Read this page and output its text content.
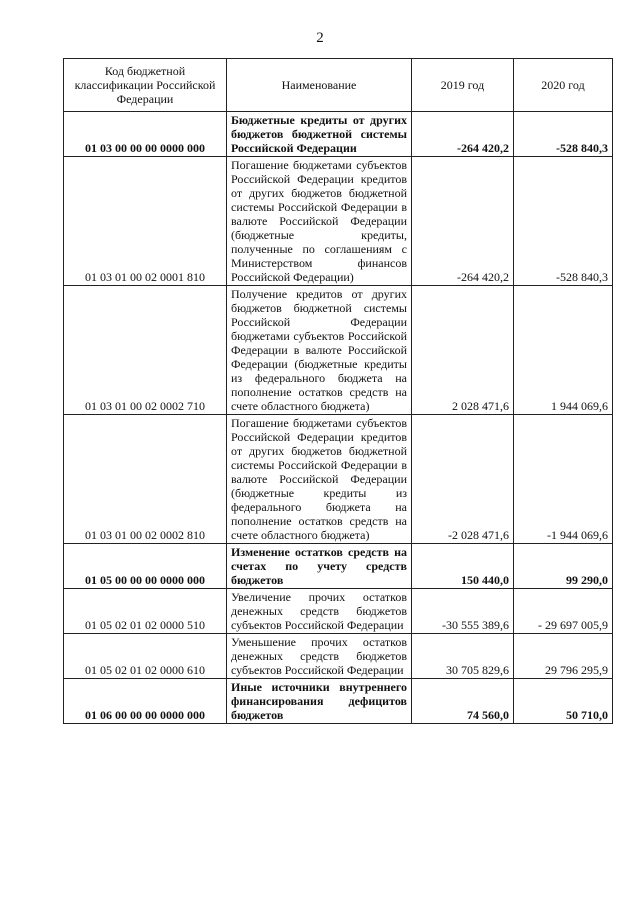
2
Код бюджетной классификации Российской Федерации	Наименование	2019 год	2020 год
01 03 00 00 00 0000 000	Бюджетные кредиты от других бюджетов бюджетной системы Российской Федерации	-264 420,2	-528 840,3
01 03 01 00 02 0001 810	Погашение бюджетами субъектов Российской Федерации кредитов от других бюджетов бюджетной системы Российской Федерации в валюте Российской Федерации (бюджетные кредиты, полученные по соглашениям с Министерством финансов Российской Федерации)	-264 420,2	-528 840,3
01 03 01 00 02 0002 710	Получение кредитов от других бюджетов бюджетной системы Российской Федерации бюджетами субъектов Российской Федерации в валюте Российской Федерации (бюджетные кредиты из федерального бюджета на пополнение остатков средств на счете областного бюджета)	2 028 471,6	1 944 069,6
01 03 01 00 02 0002 810	Погашение бюджетами субъектов Российской Федерации кредитов от других бюджетов бюджетной системы Российской Федерации в валюте Российской Федерации (бюджетные кредиты из федерального бюджета на пополнение остатков средств на счете областного бюджета)	-2 028 471,6	-1 944 069,6
01 05 00 00 00 0000 000	Изменение остатков средств на счетах по учету средств бюджетов	150 440,0	99 290,0
01 05 02 01 02 0000 510	Увеличение прочих остатков денежных средств бюджетов субъектов Российской Федерации	-30 555 389,6	- 29 697 005,9
01 05 02 01 02 0000 610	Уменьшение прочих остатков денежных средств бюджетов субъектов Российской Федерации	30 705 829,6	29 796 295,9
01 06 00 00 00 0000 000	Иные источники внутреннего финансирования дефицитов бюджетов	74 560,0	50 710,0
